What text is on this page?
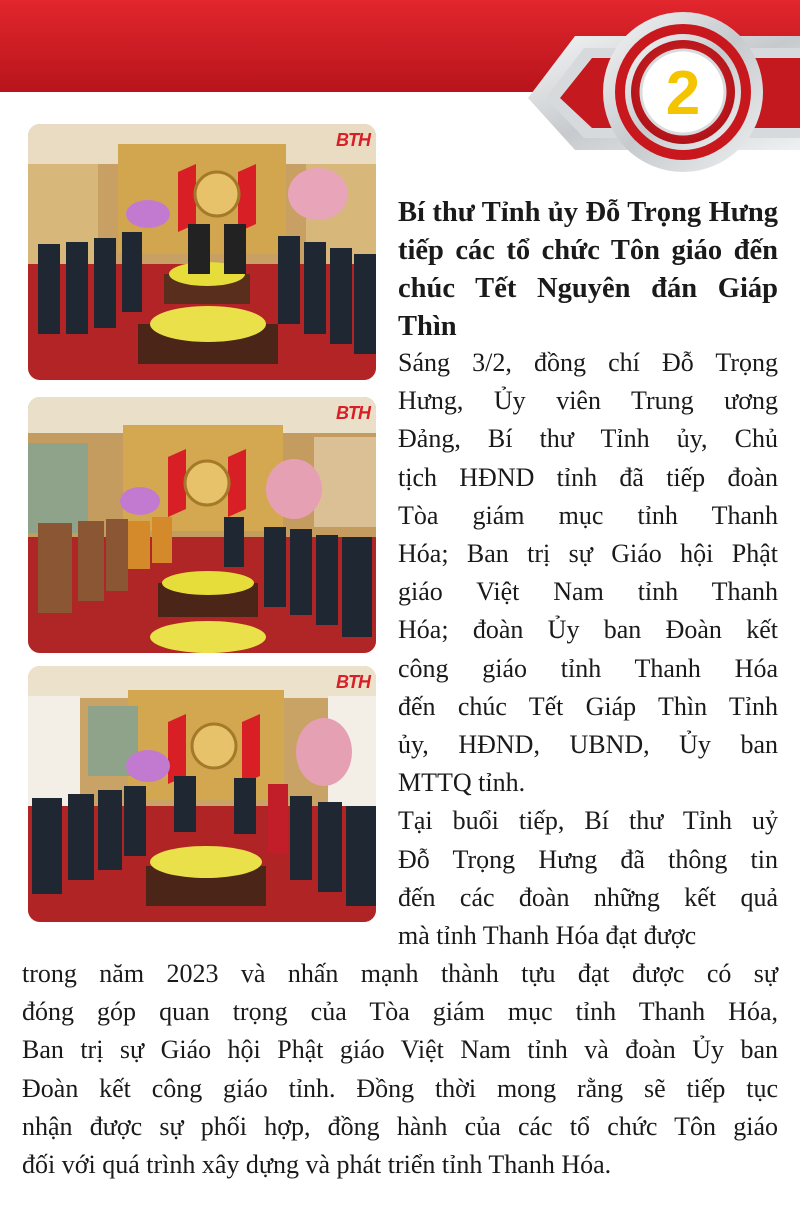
2
BTH
BTH
BTH
Bí thư Tỉnh ủy Đỗ Trọng Hưng tiếp các tổ chức Tôn giáo đến chúc Tết Nguyên đán Giáp Thìn
Sáng 3/2, đồng chí Đỗ Trọng
Hưng, Ủy viên Trung ương
Đảng, Bí thư Tỉnh ủy, Chủ
tịch HĐND tỉnh đã tiếp đoàn
Tòa giám mục tỉnh Thanh
Hóa; Ban trị sự Giáo hội Phật
giáo Việt Nam tỉnh Thanh
Hóa; đoàn Ủy ban Đoàn kết
công giáo tỉnh Thanh Hóa
đến chúc Tết Giáp Thìn Tỉnh
ủy, HĐND, UBND, Ủy ban
MTTQ tỉnh.
Tại buổi tiếp, Bí thư Tỉnh uỷ
Đỗ Trọng Hưng đã thông tin
đến các đoàn những kết quả
mà tỉnh Thanh Hóa đạt được
trong năm 2023 và nhấn mạnh thành tựu đạt được có sự
đóng góp quan trọng của Tòa giám mục tỉnh Thanh Hóa,
Ban trị sự Giáo hội Phật giáo Việt Nam tỉnh và đoàn Ủy ban
Đoàn kết công giáo tỉnh. Đồng thời mong rằng sẽ tiếp tục
nhận được sự phối hợp, đồng hành của các tổ chức Tôn giáo
đối với quá trình xây dựng và phát triển tỉnh Thanh Hóa.
